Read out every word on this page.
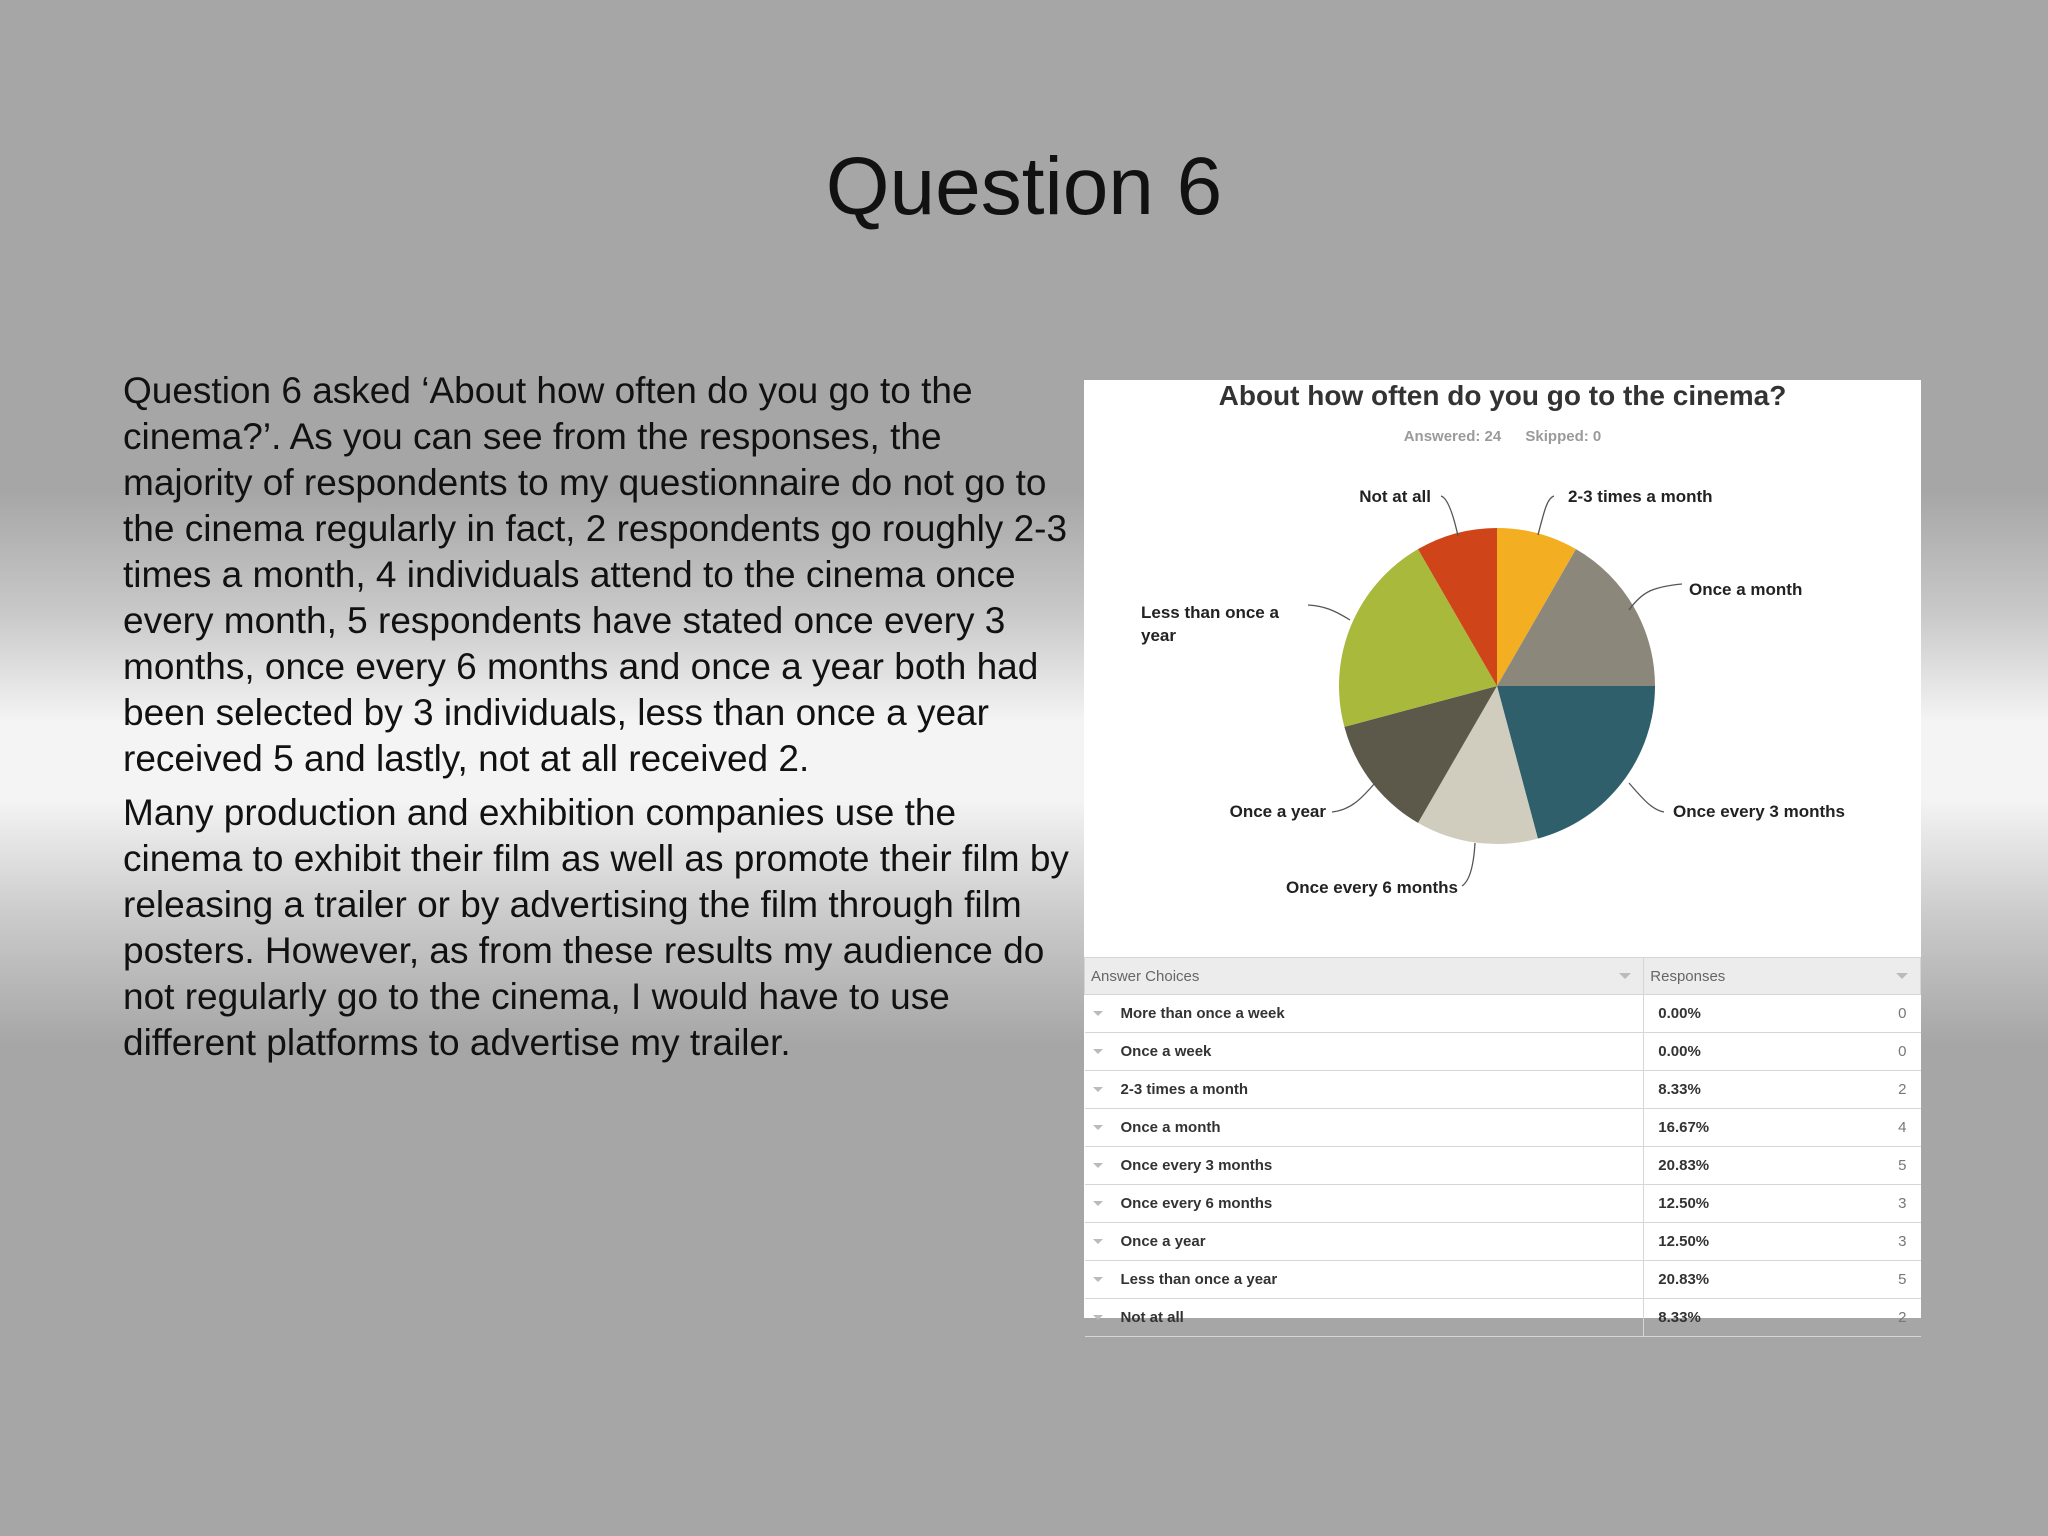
Question 6

Question 6 asked ‘About how often do you go to the cinema?’. As you can see from the responses, the majority of respondents to my questionnaire do not go to the cinema regularly in fact, 2 respondents go roughly 2-3 times a month, 4 individuals attend to the cinema once every month, 5 respondents have stated once every 3 months, once every 6 months and once a year both had been selected by 3 individuals, less than once a year received 5 and lastly, not at all received 2.

Many production and exhibition companies use the cinema to exhibit their film as well as promote their film by releasing a trailer or by advertising the film through film posters. However, as from these results my audience do not regularly go to the cinema, I would have to use different platforms to advertise my trailer.

2-3 times a month
Once a month
Once every 3 months
Once every 6 months
Once a year
Less than once a
year
Not at all
About how often do you go to the cinema?
Answered: 24 Skipped: 0
Answer Choices	Responses	

More than once a week	0.00%	0
Once a week	0.00%	0
2-3 times a month	8.33%	2
Once a month	16.67%	4
Once every 3 months	20.83%	5
Once every 6 months	12.50%	3
Once a year	12.50%	3
Less than once a year	20.83%	5
Not at all	8.33%	2
